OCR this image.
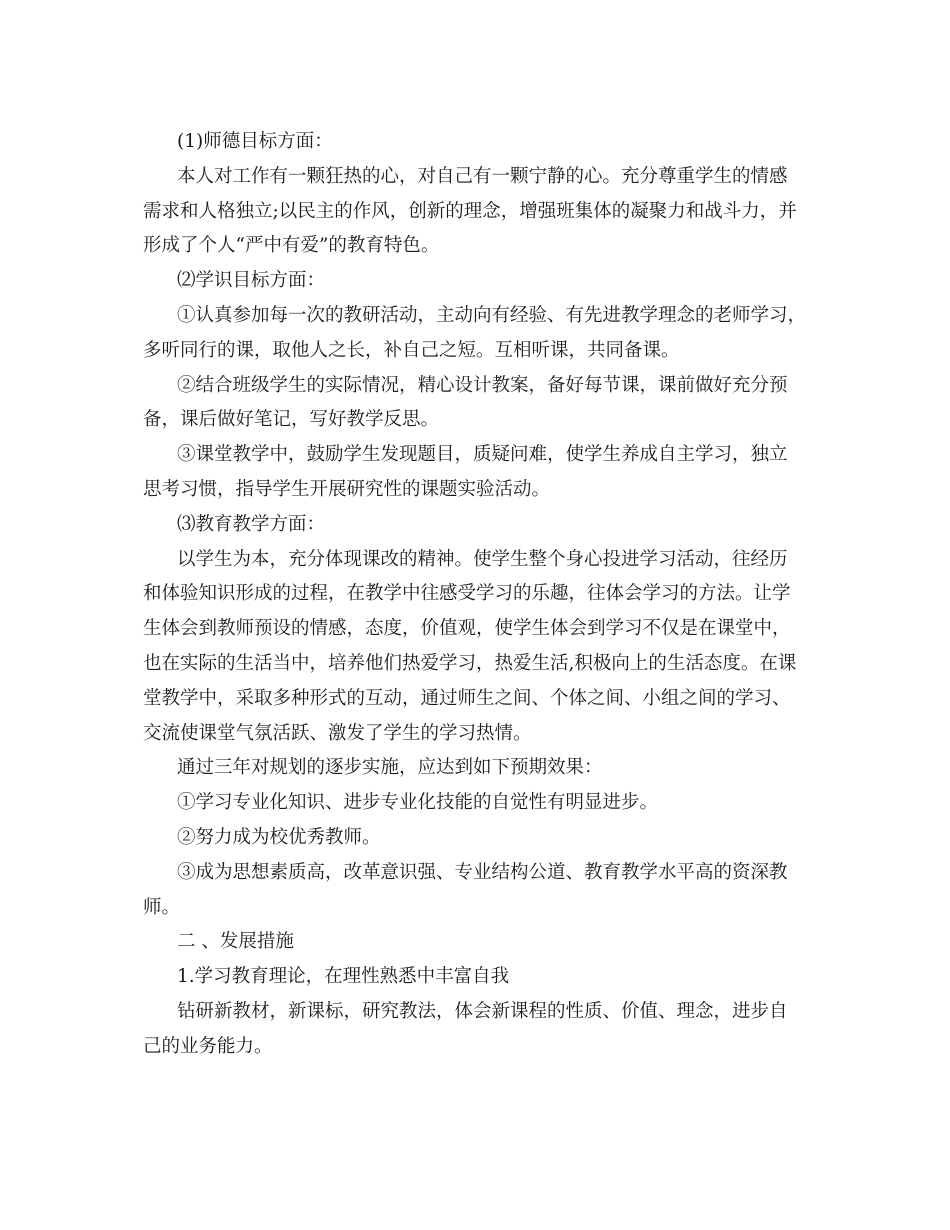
(1)师德目标方面：
本人对工作有一颗狂热的心，对自己有一颗宁静的心。充分尊重学生的情感
需求和人格独立;以民主的作风，创新的理念，增强班集体的凝聚力和战斗力，并
形成了个人“严中有爱”的教育特色。
⑵学识目标方面：
①认真参加每一次的教研活动，主动向有经验、有先进教学理念的老师学习，
多听同行的课，取他人之长，补自己之短。互相听课，共同备课。
②结合班级学生的实际情况，精心设计教案，备好每节课，课前做好充分预
备，课后做好笔记，写好教学反思。
③课堂教学中，鼓励学生发现题目，质疑问难，使学生养成自主学习，独立
思考习惯，指导学生开展研究性的课题实验活动。
⑶教育教学方面：
以学生为本，充分体现课改的精神。使学生整个身心投进学习活动，往经历
和体验知识形成的过程，在教学中往感受学习的乐趣，往体会学习的方法。让学
生体会到教师预设的情感，态度，价值观，使学生体会到学习不仅是在课堂中，
也在实际的生活当中，培养他们热爱学习，热爱生活,积极向上的生活态度。在课
堂教学中，采取多种形式的互动，通过师生之间、个体之间、小组之间的学习、
交流使课堂气氛活跃、激发了学生的学习热情。
通过三年对规划的逐步实施，应达到如下预期效果：
①学习专业化知识、进步专业化技能的自觉性有明显进步。
②努力成为校优秀教师。
③成为思想素质高，改革意识强、专业结构公道、教育教学水平高的资深教
师。
二 、发展措施
1.学习教育理论，在理性熟悉中丰富自我
钻研新教材，新课标，研究教法，体会新课程的性质、价值、理念，进步自
己的业务能力。
